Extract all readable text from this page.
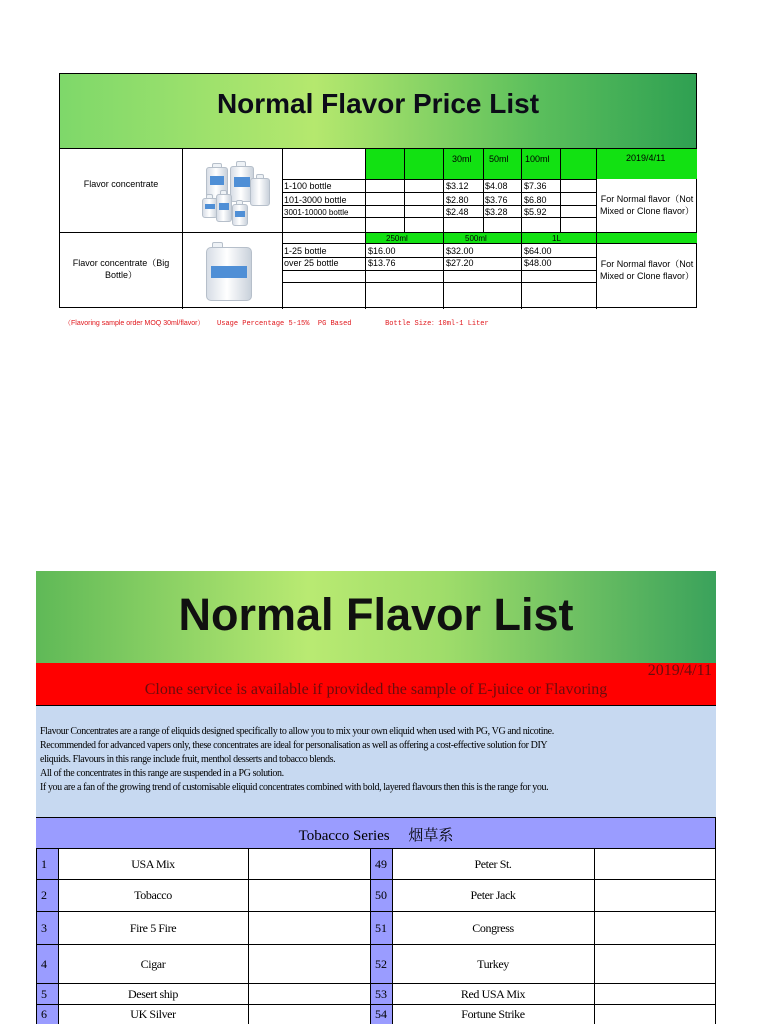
Normal Flavor Price List
30ml 50ml 100ml	2019/4/11
Flavor concentrate	1-100 bottle	$3.12 $4.08 $7.36
101-3000 bottle	$2.80 $3.76 $6.80
3001-10000 bottle	$2.48 $3.28 $5.92
For Normal flavor（Not Mixed or Clone flavor）
250ml	500ml	1L
Flavor concentrate（Big Bottle）
1-25 bottle	$16.00	$32.00	$64.00
over 25 bottle	$13.76	$27.20	$48.00	For Normal flavor（Not Mixed or Clone flavor）
（Flavoring sample order MOQ 30ml/flavor） Usage Percentage 5-15% PG Based	Bottle Size：10ml-1 Liter
Normal Flavor List
2019/4/11
Clone service is available if provided the sample of E-juice or Flavoring

Flavour Concentrates are a range of eliquids designed specifically to allow you to mix your own eliquid when used with PG, VG and nicotine.

Recommended for advanced vapers only, these concentrates are ideal for personalisation as well as offering a cost-effective solution for DIY

eliquids. Flavours in this range include fruit, menthol desserts and tobacco blends.

All of the concentrates in this range are suspended in a PG solution.

If you are a fan of the growing trend of customisable eliquid concentrates combined with bold, layered flavours then this is the range for you.

Tobacco Series　 烟草系
1	USA Mix	49	Peter St.
2	Tobacco	50	Peter Jack
3	Fire 5 Fire	51	Congress
4	Cigar	52	Turkey
5	Desert ship	53	Red USA Mix
6	UK Silver	54	Fortune Strike
